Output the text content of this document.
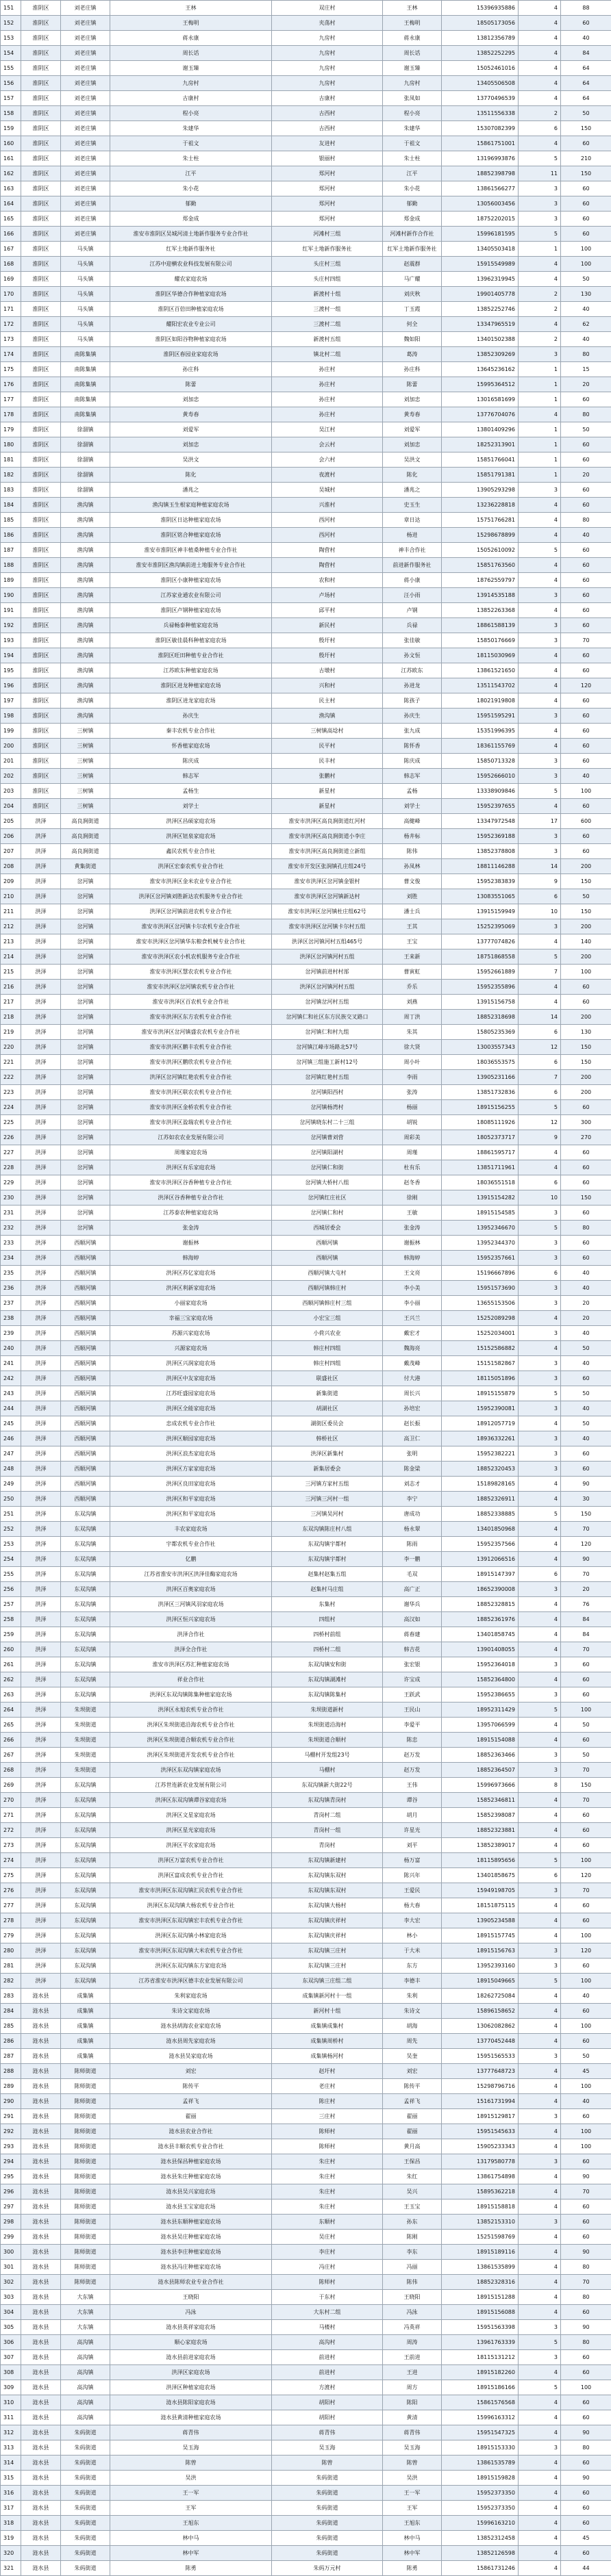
151	淮阴区	刘老庄镇	王林	双庄村	王林	15396935886	4	88
152	淮阴区	刘老庄镇	王梅明	夹荡村	王梅明	18505173056	4	60
153	淮阴区	刘老庄镇	蒋永康	九房村	蒋永康	13812356789	4	40
154	淮阴区	刘老庄镇	周长话	九房村	周长话	13852252295	4	84
155	淮阴区	刘老庄镇	谢玉臻	九房村	谢玉臻	15052461016	4	64
156	淮阴区	刘老庄镇	九房村	九房村	九房村	13405506508	4	64
157	淮阴区	刘老庄镇	古康村	古康村	张凤如	13770496539	4	64
158	淮阴区	刘老庄镇	程小亮	古西村	程小亮	13511556338	2	50
159	淮阴区	刘老庄镇	朱建华	古西村	朱建华	15307082399	6	150
160	淮阴区	刘老庄镇	于祖文	友进村	于祖文	15861751001	4	60
161	淮阴区	刘老庄镇	朱士柱	银丽村	朱士柱	13196993876	5	210
162	淮阴区	刘老庄镇	江平	郑河村	江平	18852398798	11	150
163	淮阴区	刘老庄镇	朱小花	郑河村	朱小花	13861566277	3	60
164	淮阴区	刘老庄镇	郁勤	郑河村	郁勤	13056003456	3	60
165	淮阴区	刘老庄镇	郑金成	郑河村	郑金成	18752202015	3	60
166	淮阴区	刘老庄镇	淮安市淮阴区吴城河清土地新作服务专业合作社	河滩村三组	河滩村新作合作社	15996181595	5	60
167	淮阴区	马头镇	红军土地新作服务社	红军土地新作服务社	红军土地新作服务社	13405503418	1	100
168	淮阴区	马头镇	江苏中迎横农业科技发展有限公司	头庄村三组	赵震群	15915549989	4	100
169	淮阴区	马头镇	耀农家庭农场	头庄村四组	马广耀	13962319945	4	50
170	淮阴区	马头镇	淮阴区华德合作种植家庭农场	新渡村十组	刘庆秋	19901405778	2	130
171	淮阴区	马头镇	淮阴区百倍田种植家庭农场	三渡村一组	丁玉霞	13852252746	2	40
172	淮阴区	马头镇	耀阳宏农业专业公司	三渡村二组	何全	13347965519	4	62
173	淮阴区	马头镇	淮阴区如阳谷物种植家庭农场	新渡村五组	魏如阳	13401502388	2	40
174	淮阴区	南陈集镇	淮阴区春园业家庭农场	镇北村二组	葛涛	13852309269	3	80
175	淮阴区	南陈集镇	孙庄科	孙庄村	孙庄科	13645236162	1	15
176	淮阴区	南陈集镇	陈蕾	孙庄村	陈蕾	15995364512	1	20
177	淮阴区	南陈集镇	刘加忠	孙庄村	刘加忠	13016581699	1	60
178	淮阴区	南陈集镇	黄寿春	孙庄村	黄寿春	13776704076	4	80
179	淮阴区	徐溜镇	刘爱军	吴江村	刘爱军	13801409296	1	50
180	淮阴区	徐溜镇	刘加忠	会云村	刘加忠	18252313901	1	60
181	淮阴区	徐溜镇	吴洪文	会六村	吴洪文	15851766041	1	60
182	淮阴区	徐溜镇	陈化	夜渡村	陈化	15851791381	1	20
183	淮阴区	徐溜镇	潘兆之	吴城村	潘兆之	13905293298	3	60
184	淮阴区	渔沟镇	渔沟镇玉生根家庭种植家庭农场	兴淮村	史玉生	13236228818	4	60
185	淮阴区	渔沟镇	淮阴区日达种植家庭农场	西河村	章日达	15751766281	4	80
186	淮阴区	渔沟镇	淮阴区铭合种植家庭农场	西河村	杨进	15298678899	4	40
187	淮阴区	渔沟镇	淮安市淮阴区神丰植桑种植专业合作社	陶营村	神丰合作社	15052610092	5	60
188	淮阴区	渔沟镇	淮安市淮阴区渔沟镇前进土地服务专业合作社	陶营村	前进新作服务社	15851763560	4	60
189	淮阴区	渔沟镇	淮阴区小康种植家庭农场	农和村	蒋小康	18762559797	4	60
190	淮阴区	渔沟镇	江苏家业通农业有限公司	卢场村	汪小雨	13914535188	3	60
191	淮阴区	渔沟镇	淮阴区卢钢种植家庭农场	邱平村	卢钢	13852263368	4	60
192	淮阴区	渔沟镇	兵禄畅泰种植家庭农场	新民村	兵禄	18861588139	3	60
193	淮阴区	渔沟镇	淮阴区敏佳晨科种植家庭农场	殷圩村	张佳敏	15850176669	3	70
194	淮阴区	渔沟镇	淮阴区旺田种植专业合作社	殷圩村	孙文恒	18115030969	4	60
195	淮阴区	渔沟镇	江苏欧东种植家庭农场	古墩村	江苏欧东	13861521650	4	60
196	淮阴区	渔沟镇	淮阴区进龙种植家庭农场	兴和村	孙进龙	13511543702	4	120
197	淮阴区	渔沟镇	淮阴区进龙家庭农场	民主村	陈孩子	18021919808	4	60
198	淮阴区	渔沟镇	孙庆生	渔沟镇	孙庆生	15951595291	3	60
199	淮阴区	三树镇	秦丰农机专业合作社	三树镇高埝村	张九成	15351996395	4	60
200	淮阴区	三树镇	怀香植家庭农场	民平村	陈怀香	18361155769	4	60
201	淮阴区	三树镇	陈庆成	民丰村	陈庆成	15850713328	3	60
202	淮阴区	三树镇	韩志军	张鹏村	韩志军	15952666010	3	40
203	淮阴区	三树镇	孟杨生	新星村	孟杨	13338909846	5	100
204	淮阴区	三树镇	刘学士	新星村	刘学士	15952397655	4	60
205	洪泽	高良涧街道	洪泽区昌硕家庭农场	淮安市洪泽区高良涧街道红河村	高健峰	13347972548	17	600
206	洪泽	高良涧街道	洪泽区钮泉家庭农场	淮安市洪泽区高良涧街道小李庄	杨井标	15952369188	3	60
207	洪泽	高良涧街道	鑫民农机专业合作社	淮安市洪泽区高良涧街道立新组	陈伟	13852378808	3	60
208	洪泽	黄集街道	洪泽区宏泰农机专业合作社	淮安市开发区张润镇孔庄组24号	孙凤林	18811146288	14	200
209	洪泽	岔河镇	淮安市洪泽区金米农业专业合作社	淮安市洪泽区岔河镇金银村	曹文俊	15952383839	9	150
210	洪泽	岔河镇	洪泽区岔河镇刘胜新达农机服务专业合作社	淮安市洪泽区岔河镇新达村	刘胜	13083551065	6	50
211	洪泽	岔河镇	洪泽区岔河镇前进农机专业合作社	淮安市洪泽区岔河镇杜庄组62号	潘士兵	13915159949	10	150
212	洪泽	岔河镇	淮安市洪泽区岔河镇卡尔农机专业合作社	淮安市洪泽区岔河镇卡尔村五组	王其	15252395069	3	200
213	洪泽	岔河镇	淮安市洪泽区岔河镇华东粮食机械专业合作社	洪泽区岔河镇河村五组465号	王宝	13777074826	4	140
214	洪泽	岔河镇	淮安市洪泽区农小机农机服务专业合作社	洪泽区岔河镇河村五组	王来新	18751868558	5	200
215	洪泽	岔河镇	淮安市洪泽区慧农农机专业合作社	岔河镇前进村村部	曹寅虹	15952661889	7	100
216	洪泽	岔河镇	淮安市洪泽区岔河镇农机专业合作社	洪泽区岔河镇河村五组	乔乐	15952355896	4	60
217	洪泽	岔河镇	淮安市洪泽区百农机专业合作社	岔河镇岔河村五组	刘燕	13915156758	4	60
218	洪泽	岔河镇	淮安市洪泽区东方农机专业合作社	岔河镇仁和社区东方民族交叉路口	周丁洪	18852318698	14	200
219	洪泽	岔河镇	淮安市洪泽区岔河镇盛农农机专业合作社	岔河镇仁和村九组	朱其	15805235369	6	130
220	洪泽	岔河镇	淮安市洪泽区鹏丰农机专业合作社	岔河镇江峰市场路北57号	徐大贤	13003557343	12	150
221	洪泽	岔河镇	淮安市洪泽区鹏欣农机专业合作社	岔河镇三组施工新村12号	周小叶	18036553575	6	150
222	洪泽	岔河镇	洪泽区岔河镇红艳农机专业合作社	岔河镇红艳村五组	李雨	13905231166	7	200
223	洪泽	岔河镇	淮安市洪泽区联农农机专业合作社	岔河镇阳西村	张涛	13851732836	6	200
224	洪泽	岔河镇	淮安市洪泽区金桥农机专业合作社	岔河镇杨湾村	杨丽	18915156255	5	60
225	洪泽	岔河镇	淮安市洪泽区盈瑞农机专业合作社	岔河镇晓东村二十三组	胡锐	18085111926	12	300
226	洪泽	岔河镇	江苏如农农业发展有限公司	岔河镇曹刘营	周彩美	18052373717	9	270
227	洪泽	岔河镇	周瑾家庭农场	岔河镇阳湖村	周瑾	18861595717	4	60
228	洪泽	岔河镇	洪泽区有乐家庭农场	岔河镇仁和街	杜有乐	13851711961	4	60
229	洪泽	岔河镇	淮安市洪泽区谷香种植专业合作社	岔河镇大桥村八组	赵冬香	18036551518	6	60
230	洪泽	岔河镇	洪泽区谷香种植专业合作社	岔河镇红庄社区	徐刚	13915154282	10	150
231	洪泽	岔河镇	江苏泰农种植家庭农场	岔河镇仁和村	王敏	18915154585	3	60
232	洪泽	岔河镇	张金涛	西城居委会	张金涛	13952346670	5	80
233	洪泽	西顺河镇	谢振林	西顺河镇	谢振林	13952344370	3	60
234	洪泽	西顺河镇	韩海婷	西顺河镇	韩海婷	15952357661	3	60
235	洪泽	西顺河镇	洪泽区苏亿家庭农场	西顺河镇大屯村	王文亮	15196667896	6	40
236	洪泽	西顺河镇	洪泽区利新家庭农场	西顺河镇韩庄村	李小美	15951573690	3	40
237	洪泽	西顺河镇	小丽家庭农场	西顺河镇韩庄村三组	李小丽	13655153506	3	20
238	洪泽	西顺河镇	幸福三宝家庭农场	小宏宝三组	王兴兰	15252089298	4	20
239	洪泽	西顺河镇	苏源兴家庭农场	小荷兴农业	戴宏才	15252034001	3	40
240	洪泽	西顺河镇	兴源家庭农场	韩庄村四组	魏海亮	15152586882	4	50
241	洪泽	西顺河镇	洪泽区兴润家庭农场	韩庄村四组	戴茂峰	15151582867	3	40
242	洪泽	西顺河镇	洪泽区中友家庭农场	联盛社区	付大港	18115051896	3	60
243	洪泽	西顺河镇	江苏旺盛园家庭农场	新集街道	周长兴	18915155879	5	50
244	洪泽	西顺河镇	洪泽区全能家庭农场	胡湖社区	孙培宏	15952390081	3	40
245	洪泽	西顺河镇	忠成农机专业合作社	湖街区委员会	赵长振	18912057719	4	50
246	洪泽	西顺河镇	洪泽区顺园家庭农场	韩桥社区	高卫仁	18936332261	3	40
247	洪泽	西顺河镇	洪泽区浪杰家庭农场	洪泽区新集村	张明	15952382221	3	60
248	洪泽	西顺河镇	洪泽区方家家庭农场	新集居委会	陈金梁	18852320453	3	60
249	洪泽	西顺河镇	洪泽区良田家庭农场	三河镇方家村五组	刘志才	15189828165	4	90
250	洪泽	西顺河镇	洪泽区和平家庭农场	三河镇三河村一组	李宁	18852326911	4	30
251	洪泽	东双沟镇	洪泽区和平家庭农场	三河镇吴河村	唐成功	18852338885	5	150
252	洪泽	东双沟镇	丰农家庭农场	东双沟镇陈庄村八组	杨永翠	13401850968	4	70
253	洪泽	东双沟镇	宇都农机专业合作社	东双沟镇宇都村	陈雨	15952357566	4	120
254	洪泽	东双沟镇	亿鹏	东双沟镇宇都村	李一鹏	13912066516	4	90
255	洪泽	东双沟镇	江苏省淮安市洪泽区洪泽佳酶家庭农场	赵集村赵集五组	毛双	18915147397	6	70
256	洪泽	东双沟镇	洪泽区百奥家庭农场	赵集村马庄组	高广正	18652390008	3	20
257	洪泽	东双沟镇	洪泽区三河镇风羽家庭农场	东集村	谢华兵	18852328815	4	76
258	洪泽	东双沟镇	洪泽区恒兴家庭农场	四组村	高汉如	18852361976	4	84
259	洪泽	东双沟镇	洪泽合作社	四桥村前组	蒋春建	13401858745	4	84
260	洪泽	东双沟镇	洪泽全合作社	四桥村二组	韩吉花	13901408055	4	70
261	洪泽	东双沟镇	淮安市洪泽区苏汇种植家庭农场	东双沟镇安和街	张宏银	15952364018	3	60
262	洪泽	东双沟镇	祥业合作社	东双沟镇湖滩村	许宝成	15852364800	4	60
263	洪泽	东双沟镇	洪泽区东双沟镇陈集种植家庭农场	东双沟镇陈集村	王跃武	15952386655	3	60
264	洪泽	朱坝街道	洪泽区永旭农机专业合作社	朱坝街道新村	王民山	18952311429	5	100
265	洪泽	朱坝街道	洪泽区朱坝街道沿海农机专业合作社	朱坝街道沿海村	李爱平	13957066599	4	50
266	洪泽	朱坝街道	洪泽区朱坝街道合顺农机专业合作社	朱坝街道合顺村	陈忠	18915154088	4	60
267	洪泽	朱坝街道	洪泽区朱坝街道开发农机专业合作社	马棚村开发组23号	赵万发	18852363466	3	50
268	洪泽	朱坝街道	洪泽区东双沟镇家庭农场	马棚村	赵万发	18852364507	3	70
269	洪泽	东双沟镇	江苏世连新农业发展有限公司	东双沟镇新大街22号	王伟	15996973666	8	150
270	洪泽	东双沟镇	洪泽区东双沟镇谭谷家庭农场	东双沟镇青岗村	谭谷	15852346811	4	70
271	洪泽	东双沟镇	洪泽区文星家庭农场	青岗村二组	胡月	15852398087	4	60
272	洪泽	东双沟镇	洪泽区星光家庭农场	青岗村一组	许星光	18852323881	4	60
273	洪泽	东双沟镇	洪泽区平农家庭农场	青岗村	刘平	13852389017	4	60
274	洪泽	东双沟镇	洪泽区万富农机专业合作社	东双沟镇新建村	杨万富	18115895656	5	100
275	洪泽	东双沟镇	洪泽区富成农机专业合作社	东双沟镇东双村	陈兴年	13401858675	6	120
276	洪泽	东双沟镇	淮安市洪泽区东双沟镇汇民农机专业合作社	东双沟镇东双村	王爱民	15949198705	3	70
277	洪泽	东双沟镇	洪泽区东双沟镇大杨农机专业合作社	东双沟镇大杨村	杨大春	18151875115	4	60
278	洪泽	东双沟镇	淮安市洪泽区东双沟镇宏丰农机专业合作社	东双沟镇庆祥村	李大宏	13905234588	4	60
279	洪泽	东双沟镇	洪泽区东双沟镇小林家庭农场	东双沟镇庆祥村	林小	18915157745	4	100
280	洪泽	东双沟镇	淮安市洪泽区东双沟镇大米农机专业合作社	东双沟镇三庄村	于大米	18915156763	3	120
281	洪泽	东双沟镇	洪泽区东双沟镇东方家庭农场	东双沟镇三庄村	东方	13952393160	3	60
282	洪泽	东双沟镇	江苏省淮安市洪泽区德丰农业发展有限公司	东双沟镇三庄组二组	李德丰	18915049665	5	100
283	涟水县	成集镇	朱利家庭农场	成集镇新河村十一组	朱利	18262725084	4	40
284	涟水县	成集镇	朱诗文家庭农场	新河村十组	朱诗文	15896158652	4	60
285	涟水县	成集镇	涟水县胡海农业家庭农场	成集镇成集村	胡海	13062082862	4	100
286	涟水县	成集镇	涟水县周先家庭农场	成集镇周桥村	周先	13770452448	4	60
287	涟水县	成集镇	涟水县吴家庭农场	成集镇杨河村	吴奎	15951565533	3	50
288	涟水县	陈师街道	刘宏	赵圩村	刘宏	13777648723	4	45
289	涟水县	陈师街道	陈传平	老庄村	陈传平	15298796716	4	100
290	涟水县	陈师街道	孟祥飞	陈庄村	孟祥飞	15161731994	4	40
291	涟水县	陈师街道	翟丽	三庄村	翟丽	18915129817	3	60
292	涟水县	陈师街道	涟水县农业合作社	陈师村	翟丽	15951545633	4	100
293	涟水县	陈师街道	涟水县丰顺农机专业合作社	陈师村	黄月高	15905233343	4	100
294	涟水县	陈师街道	涟水县保昌种植家庭农场	朱庄村	王保昌	13179580778	3	60
295	涟水县	陈师街道	涟水县朱庄种植家庭农场	朱庄村	朱红	13861754898	4	90
296	涟水县	陈师街道	涟水县吴兴家庭农场	朱庄村	吴兴	15895362218	4	70
297	涟水县	陈师街道	涟水县玉宝家庭农场	朱庄村	王玉宝	18915158818	4	60
298	涟水县	陈师街道	涟水县东顺种植家庭农场	东顺村	孙东	13852153310	3	60
299	涟水县	陈师街道	涟水县吴庄种植家庭农场	吴庄村	陈刚	15251598769	4	60
300	涟水县	陈师街道	涟水县李庄种植家庭农场	李庄村	李东	18915189116	4	90
301	涟水县	陈师街道	涟水县冯庄种植家庭农场	冯庄村	冯丽	13861535899	4	80
302	涟水县	陈师街道	涟水县陈师农业专业合作社	陈师村	陈伟	18852328316	4	70
303	涟水县	大东镇	王晓阳	于东村	王晓阳	18915151288	4	80
304	涟水县	大东镇	冯泳	大东村二组	冯泳	18915156088	4	60
305	涟水县	大东镇	涟水县英祥家庭农场	马楼村	冯英祥	15951563398	3	90
306	涟水县	高沟镇	顺心家庭农场	高沟村	周涛	13961763339	5	80
307	涟水县	高沟镇	涟水县前进家庭农场	前进村	王前进	18115131212	3	60
308	涟水县	高沟镇	洪泽区家庭农场	前进村	王进	18915182260	4	60
309	涟水县	高沟镇	洪泽区种植家庭农场	方渡村	周方	18915186166	5	100
310	涟水县	高沟镇	涟水县陈阳家庭农场	胡阳村	陈阳	15861576568	4	60
311	涟水县	高沟镇	涟水县黄清种植家庭农场	胡阳村	黄清	15996163312	4	60
312	涟水县	朱码街道	蒋青伟	蒋青伟	蒋青伟	15951547325	4	90
313	涟水县	朱码街道	吴玉海	吴玉海	吴玉海	18915153330	3	80
314	涟水县	朱码街道	陈曾	陈曾	陈曾	13861535789	4	60
315	涟水县	朱码街道	吴洪	朱码街道	吴洪	18915159828	4	90
316	涟水县	朱码街道	王一军	朱码街道	王一军	15952373350	4	60
317	涟水县	朱码街道	王军	朱码街道	王军	15952373350	4	60
318	涟水县	朱码街道	王旭东	朱码街道	王旭东	15996163210	4	60
319	涟水县	朱码街道	林中马	朱码街道	林中马	13852312458	4	45
320	涟水县	朱码街道	林中军	朱码街道	林中军	13852126598	4	60
321	涟水县	朱码街道	陈勇	朱码万元村	陈勇	15861731246	4	44
